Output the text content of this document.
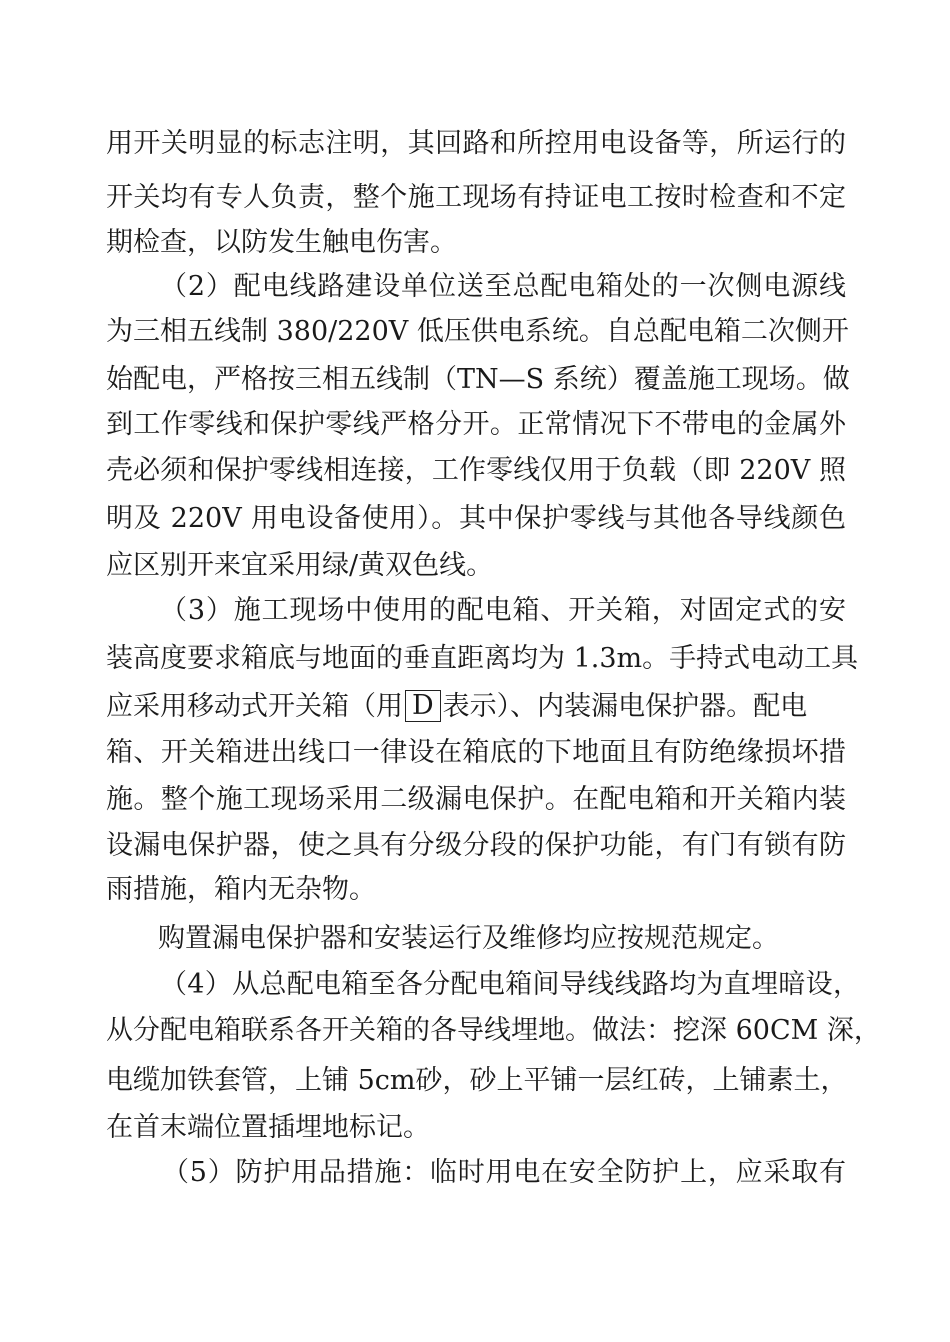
用开关明显的标志注明，其回路和所控用电设备等，所运行的
开关均有专人负责，整个施工现场有持证电工按时检查和不定
期检查，以防发生触电伤害。
（2）配电线路建设单位送至总配电箱处的一次侧电源线
为三相五线制 380/220V 低压供电系统。自总配电箱二次侧开
始配电，严格按三相五线制（TN—S 系统）覆盖施工现场。做
到工作零线和保护零线严格分开。正常情况下不带电的金属外
壳必须和保护零线相连接，工作零线仅用于负载（即 220V 照
明及 220V 用电设备使用）。其中保护零线与其他各导线颜色
应区别开来宜采用绿/黄双色线。
（3）施工现场中使用的配电箱、开关箱，对固定式的安
装高度要求箱底与地面的垂直距离均为 1.3m。手持式电动工具
应采用移动式开关箱（用 D 表示）、内装漏电保护器。配电
箱、开关箱进出线口一律设在箱底的下地面且有防绝缘损坏措
施。整个施工现场采用二级漏电保护。在配电箱和开关箱内装
设漏电保护器，使之具有分级分段的保护功能，有门有锁有防
雨措施，箱内无杂物。
购置漏电保护器和安装运行及维修均应按规范规定。
（4）从总配电箱至各分配电箱间导线线路均为直埋暗设，
从分配电箱联系各开关箱的各导线埋地。做法：挖深 60CM 深，
电缆加铁套管，上铺 5cm砂，砂上平铺一层红砖，上铺素土，
在首末端位置插埋地标记。
（5）防护用品措施：临时用电在安全防护上，应采取有
